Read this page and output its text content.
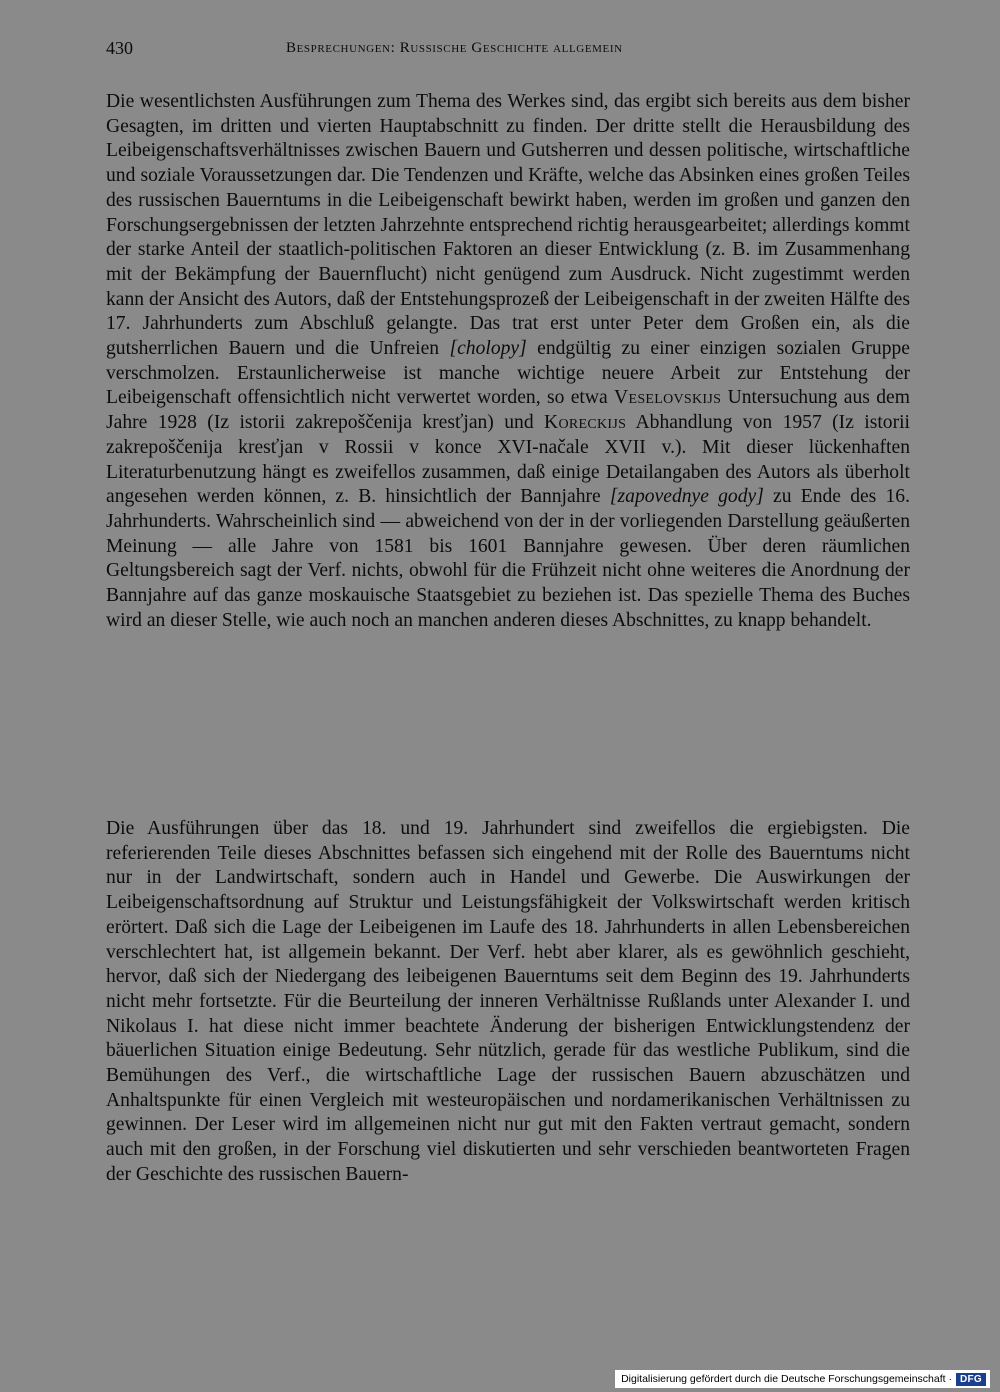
430	Besprechungen: Russische Geschichte allgemein
Die wesentlichsten Ausführungen zum Thema des Werkes sind, das ergibt sich bereits aus dem bisher Gesagten, im dritten und vierten Hauptabschnitt zu finden. Der dritte stellt die Herausbildung des Leibeigenschaftsverhältnisses zwischen Bauern und Gutsherren und dessen politische, wirtschaftliche und soziale Voraussetzungen dar. Die Tendenzen und Kräfte, welche das Absinken eines großen Teiles des russischen Bauerntums in die Leibeigenschaft bewirkt haben, werden im großen und ganzen den Forschungsergebnissen der letzten Jahrzehnte entsprechend richtig herausgearbeitet; allerdings kommt der starke Anteil der staatlich-politischen Faktoren an dieser Entwicklung (z. B. im Zusammenhang mit der Bekämpfung der Bauernflucht) nicht genügend zum Ausdruck. Nicht zugestimmt werden kann der Ansicht des Autors, daß der Entstehungsprozeß der Leibeigenschaft in der zweiten Hälfte des 17. Jahrhunderts zum Abschluß gelangte. Das trat erst unter Peter dem Großen ein, als die gutsherrlichen Bauern und die Unfreien [cholopy] endgültig zu einer einzigen sozialen Gruppe verschmolzen. Erstaunlicherweise ist manche wichtige neuere Arbeit zur Entstehung der Leibeigenschaft offensichtlich nicht verwertet worden, so etwa Veselovskijs Untersuchung aus dem Jahre 1928 (Iz istorii zakrepoščenija kresťjan) und Koreckijs Abhandlung von 1957 (Iz istorii zakrepoščenija kresťjan v Rossii v konce XVI-načale XVII v.). Mit dieser lückenhaften Literaturbenutzung hängt es zweifellos zusammen, daß einige Detailangaben des Autors als überholt angesehen werden können, z. B. hinsichtlich der Bannjahre [zapovednye gody] zu Ende des 16. Jahrhunderts. Wahrscheinlich sind — abweichend von der in der vorliegenden Darstellung geäußerten Meinung — alle Jahre von 1581 bis 1601 Bannjahre gewesen. Über deren räumlichen Geltungsbereich sagt der Verf. nichts, obwohl für die Frühzeit nicht ohne weiteres die Anordnung der Bannjahre auf das ganze moskauische Staatsgebiet zu beziehen ist. Das spezielle Thema des Buches wird an dieser Stelle, wie auch noch an manchen anderen dieses Abschnittes, zu knapp behandelt.
Die Ausführungen über das 18. und 19. Jahrhundert sind zweifellos die ergiebigsten. Die referierenden Teile dieses Abschnittes befassen sich eingehend mit der Rolle des Bauerntums nicht nur in der Landwirtschaft, sondern auch in Handel und Gewerbe. Die Auswirkungen der Leibeigenschaftsordnung auf Struktur und Leistungsfähigkeit der Volkswirtschaft werden kritisch erörtert. Daß sich die Lage der Leibeigenen im Laufe des 18. Jahrhunderts in allen Lebensbereichen verschlechtert hat, ist allgemein bekannt. Der Verf. hebt aber klarer, als es gewöhnlich geschieht, hervor, daß sich der Niedergang des leibeigenen Bauerntums seit dem Beginn des 19. Jahrhunderts nicht mehr fortsetzte. Für die Beurteilung der inneren Verhältnisse Rußlands unter Alexander I. und Nikolaus I. hat diese nicht immer beachtete Änderung der bisherigen Entwicklungstendenz der bäuerlichen Situation einige Bedeutung. Sehr nützlich, gerade für das westliche Publikum, sind die Bemühungen des Verf., die wirtschaftliche Lage der russischen Bauern abzuschätzen und Anhaltspunkte für einen Vergleich mit westeuropäischen und nordamerikanischen Verhältnissen zu gewinnen. Der Leser wird im allgemeinen nicht nur gut mit den Fakten vertraut gemacht, sondern auch mit den großen, in der Forschung viel diskutierten und sehr verschieden beantworteten Fragen der Geschichte des russischen Bauern-
Digitalisierung gefördert durch die Deutsche Forschungsgemeinschaft · DFG
